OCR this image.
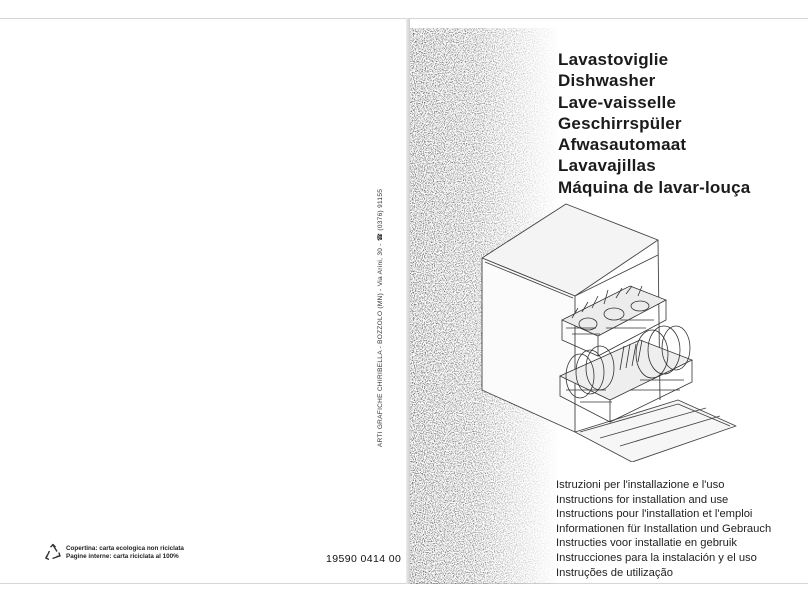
Lavastoviglie
Dishwasher
Lave-vaisselle
Geschirrspüler
Afwasautomaat
Lavavajillas
Máquina de lavar-louça
Istruzioni per l'installazione e l'uso
Instructions for installation and use
Instructions pour l'installation et l'emploi
Informationen für Installation und Gebrauch
Instructies voor installatie en gebruik
Instrucciones para la instalación y el uso
Instruções de utilização
ARTI GRAFICHE CHIRIBELLA - BOZZOLO (MN) - Via Arini, 30 - ☎ (0376) 91155
19590 0414 00
Copertina: carta ecologica non riciclata
Pagine interne: carta riciclata al 100%
